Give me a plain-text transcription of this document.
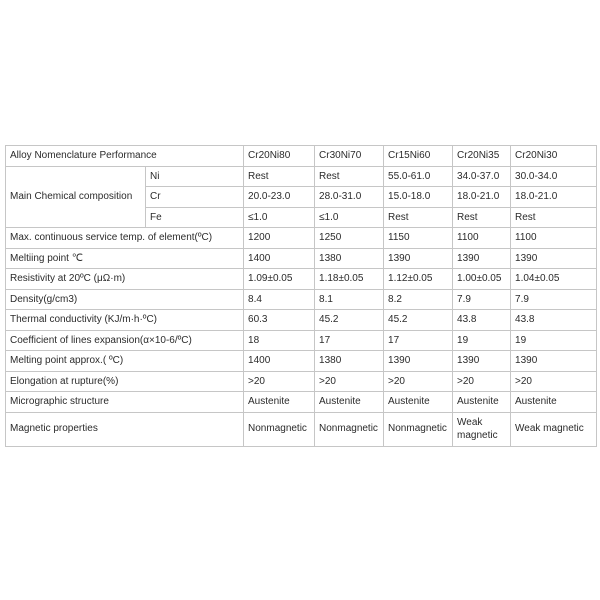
Alloy Nomenclature Performance		Cr20Ni80	Cr30Ni70	Cr15Ni60	Cr20Ni35	Cr20Ni30
Main Chemical composition	Ni	Rest	Rest	55.0-61.0	34.0-37.0	30.0-34.0
	Cr	20.0-23.0	28.0-31.0	15.0-18.0	18.0-21.0	18.0-21.0
	Fe	≤1.0	≤1.0	Rest	Rest	Rest
Max. continuous service temp. of element(ºC)		1200	1250	1150	1100	1100
Meltiing point ℃		1400	1380	1390	1390	1390
Resistivity at 20ºC (μΩ·m)		1.09±0.05	1.18±0.05	1.12±0.05	1.00±0.05	1.04±0.05
Density(g/cm3)		8.4	8.1	8.2	7.9	7.9
Thermal conductivity (KJ/m·h·ºC)		60.3	45.2	45.2	43.8	43.8
Coefficient of lines expansion(α×10-6/ºC)		18	17	17	19	19
Melting point approx.( ºC)		1400	1380	1390	1390	1390
Elongation at rupture(%)		>20	>20	>20	>20	>20
Micrographic structure		Austenite	Austenite	Austenite	Austenite	Austenite
Magnetic properties		Nonmagnetic	Nonmagnetic	Nonmagnetic	Weak magnetic	Weak magnetic
